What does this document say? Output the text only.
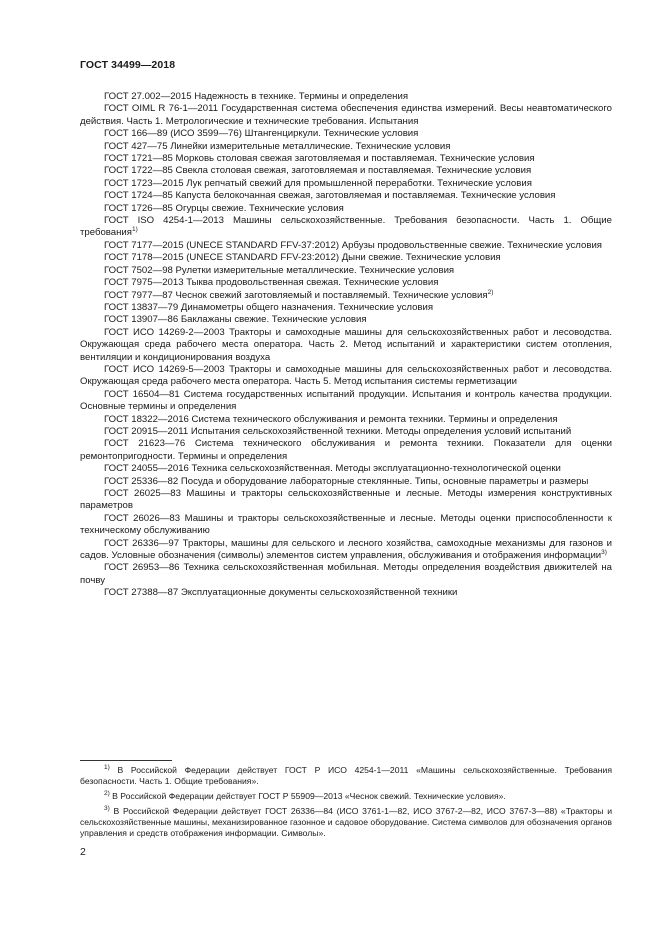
ГОСТ 34499—2018

ГОСТ 27.002—2015 Надежность в технике. Термины и определения

ГОСТ OIML R 76-1—2011 Государственная система обеспечения единства измерений. Весы неавтоматического действия. Часть 1. Метрологические и технические требования. Испытания

ГОСТ 166—89 (ИСО 3599—76) Штангенциркули. Технические условия

ГОСТ 427—75 Линейки измерительные металлические. Технические условия

ГОСТ 1721—85 Морковь столовая свежая заготовляемая и поставляемая. Технические условия

ГОСТ 1722—85 Свекла столовая свежая, заготовляемая и поставляемая. Технические условия

ГОСТ 1723—2015 Лук репчатый свежий для промышленной переработки. Технические условия

ГОСТ 1724—85 Капуста белокочанная свежая, заготовляемая и поставляемая. Технические условия

ГОСТ 1726—85 Огурцы свежие. Технические условия

ГОСТ ISO 4254-1—2013 Машины сельскохозяйственные. Требования безопасности. Часть 1. Общие требования$^{1)}$

ГОСТ 7177—2015 (UNECE STANDARD FFV-37:2012) Арбузы продовольственные свежие. Технические условия

ГОСТ 7178—2015 (UNECE STANDARD FFV-23:2012) Дыни свежие. Технические условия

ГОСТ 7502—98 Рулетки измерительные металлические. Технические условия

ГОСТ 7975—2013 Тыква продовольственная свежая. Технические условия

ГОСТ 7977—87 Чеснок свежий заготовляемый и поставляемый. Технические условия$^{2)}$

ГОСТ 13837—79 Динамометры общего назначения. Технические условия

ГОСТ 13907—86 Баклажаны свежие. Технические условия

ГОСТ ИСО 14269-2—2003 Тракторы и самоходные машины для сельскохозяйственных работ и лесоводства. Окружающая среда рабочего места оператора. Часть 2. Метод испытаний и характеристики систем отопления, вентиляции и кондиционирования воздуха

ГОСТ ИСО 14269-5—2003 Тракторы и самоходные машины для сельскохозяйственных работ и лесоводства. Окружающая среда рабочего места оператора. Часть 5. Метод испытания системы герметизации

ГОСТ 16504—81 Система государственных испытаний продукции. Испытания и контроль качества продукции. Основные термины и определения

ГОСТ 18322—2016 Система технического обслуживания и ремонта техники. Термины и определения

ГОСТ 20915—2011 Испытания сельскохозяйственной техники. Методы определения условий испытаний

ГОСТ 21623—76 Система технического обслуживания и ремонта техники. Показатели для оценки ремонтопригодности. Термины и определения

ГОСТ 24055—2016 Техника сельскохозяйственная. Методы эксплуатационно-технологической оценки

ГОСТ 25336—82 Посуда и оборудование лабораторные стеклянные. Типы, основные параметры и размеры

ГОСТ 26025—83 Машины и тракторы сельскохозяйственные и лесные. Методы измерения конструктивных параметров

ГОСТ 26026—83 Машины и тракторы сельскохозяйственные и лесные. Методы оценки приспособленности к техническому обслуживанию

ГОСТ 26336—97 Тракторы, машины для сельского и лесного хозяйства, самоходные механизмы для газонов и садов. Условные обозначения (символы) элементов систем управления, обслуживания и отображения информации$^{3)}$

ГОСТ 26953—86 Техника сельскохозяйственная мобильная. Методы определения воздействия движителей на почву

ГОСТ 27388—87 Эксплуатационные документы сельскохозяйственной техники

$^{1)}$ В Российской Федерации действует ГОСТ Р ИСО 4254-1—2011 «Машины сельскохозяйственные. Требования безопасности. Часть 1. Общие требования».

$^{2)}$ В Российской Федерации действует ГОСТ Р 55909—2013 «Чеснок свежий. Технические условия».

$^{3)}$ В Российской Федерации действует ГОСТ 26336—84 (ИСО 3761-1—82, ИСО 3767-2—82, ИСО 3767-3—88) «Тракторы и сельскохозяйственные машины, механизированное газонное и садовое оборудование. Система символов для обозначения органов управления и средств отображения информации. Символы».

2
